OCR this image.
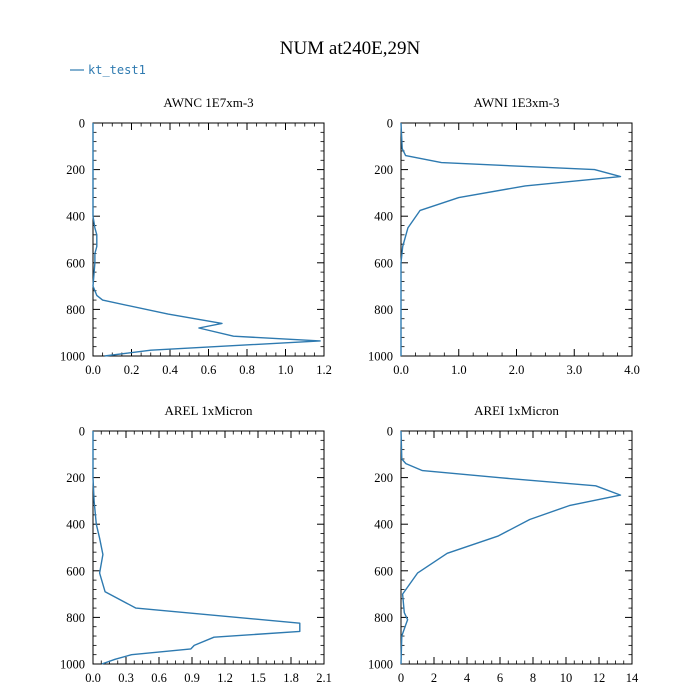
NUM at240E,29N
kt_test1
AWNC 1E7xm-3
0
200
400
600
800
1000
0.0 0.2 0.4 0.6 0.8 1.0 1.2
AWNI 1E3xm-3
0
200
400
600
800
1000
0.0	1.0	2.0	3.0	4.0
AREL 1xMicron
0
200
400
600
800
1000
0.0 0.3 0.6 0.9 1.2 1.5 1.8 2.1
AREI 1xMicron
0
200
400
600
800
1000
0 2 4 6 8 10 12 14
